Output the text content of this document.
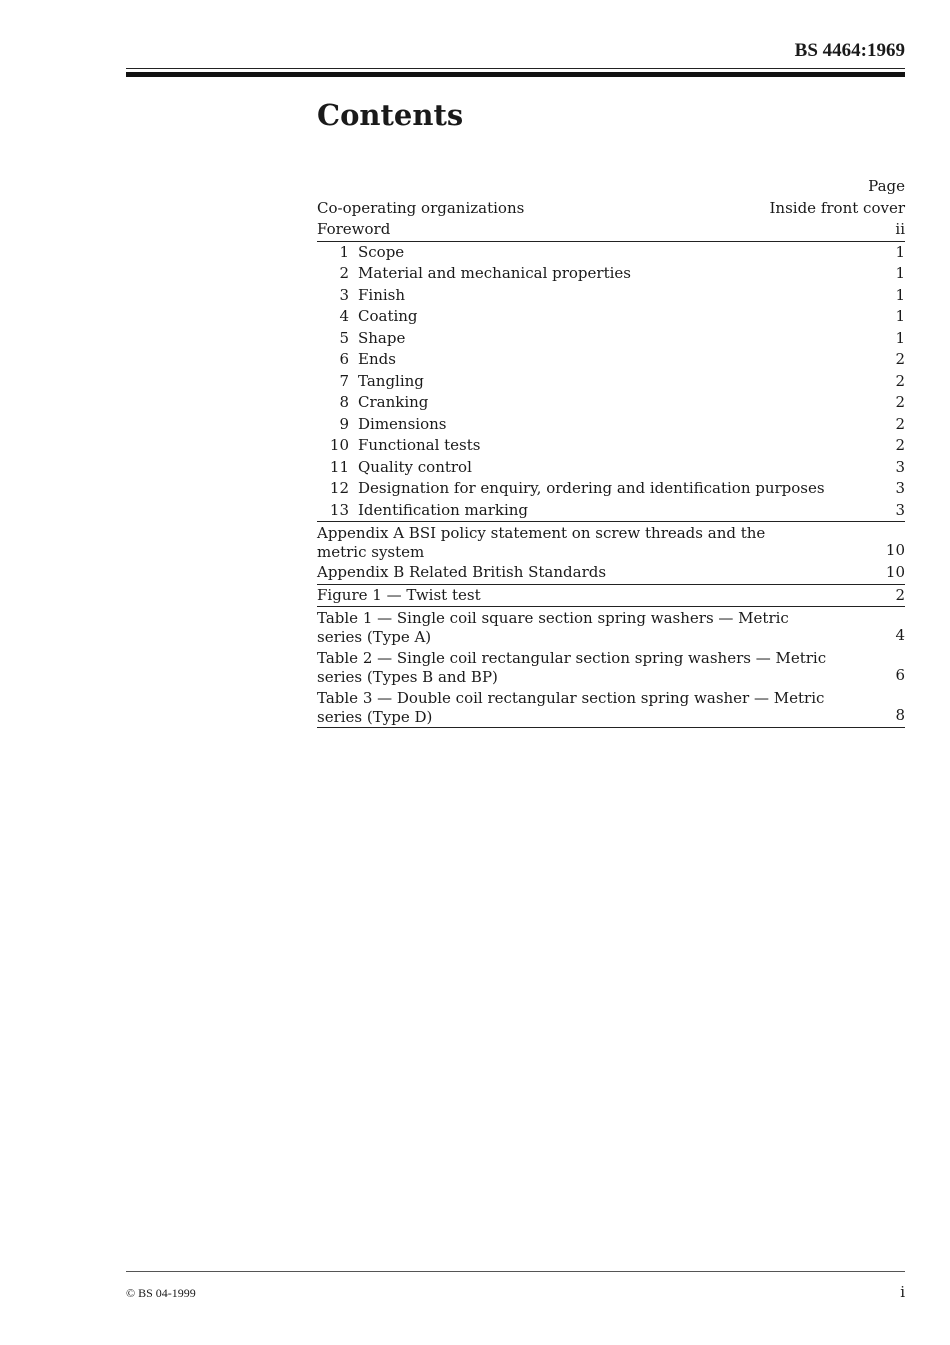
BS 4464:1969
Contents
Page
Co-operating organizations	Inside front cover
Foreword	ii
1 Scope	1
2 Material and mechanical properties	1
3 Finish	1
4 Coating	1
5 Shape	1
6 Ends	2
7 Tangling	2
8 Cranking	2
9 Dimensions	2
10 Functional tests	2
11 Quality control	3
12 Designation for enquiry, ordering and identification purposes	3
13 Identification marking	3
Appendix A BSI policy statement on screw threads and the
metric system	10
Appendix B Related British Standards	10
Figure 1 — Twist test	2
Table 1 — Single coil square section spring washers — Metric
series (Type A)	4
Table 2 — Single coil rectangular section spring washers — Metric
series (Types B and BP)	6
Table 3 — Double coil rectangular section spring washer — Metric
series (Type D)	8
© BS 04-1999	i
